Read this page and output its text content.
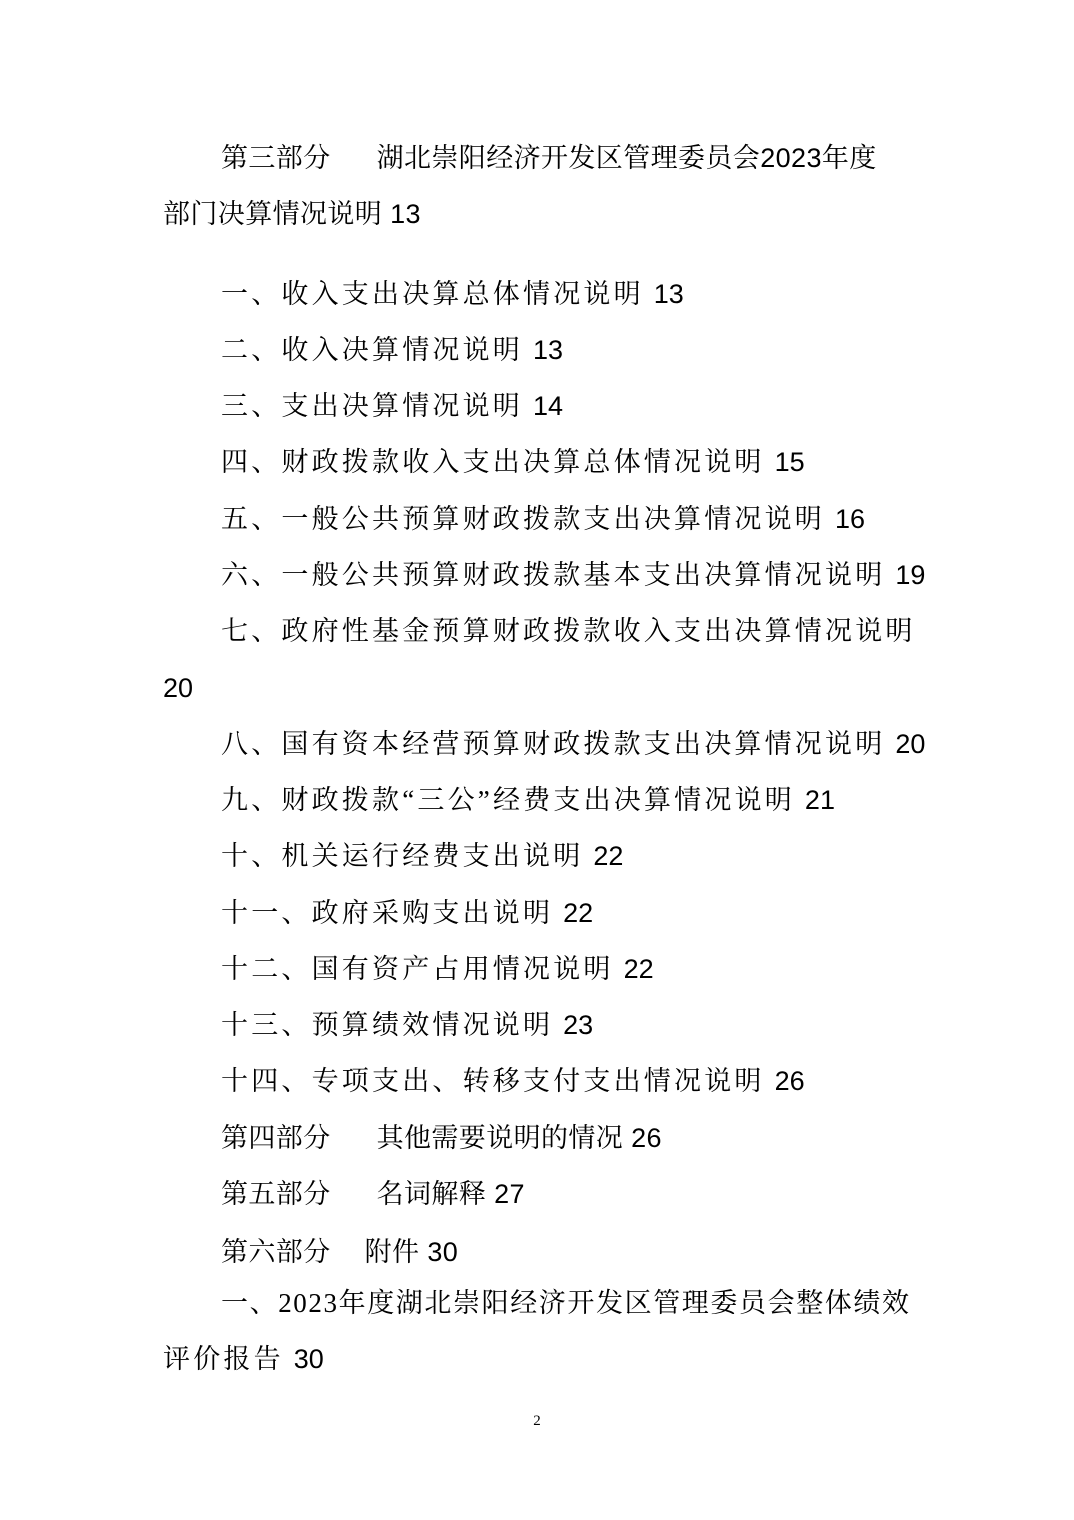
第三部分 湖北崇阳经济开发区管理委员会2023年度
部门决算情况说明 13
一、收入支出决算总体情况说明 13
二、收入决算情况说明 13
三、支出决算情况说明 14
四、财政拨款收入支出决算总体情况说明 15
五、一般公共预算财政拨款支出决算情况说明 16
六、一般公共预算财政拨款基本支出决算情况说明 19
七、政府性基金预算财政拨款收入支出决算情况说明
20
八、国有资本经营预算财政拨款支出决算情况说明 20
九、财政拨款“三公”经费支出决算情况说明 21
十、机关运行经费支出说明 22
十一、政府采购支出说明 22
十二、国有资产占用情况说明 22
十三、预算绩效情况说明 23
十四、专项支出、转移支付支出情况说明 26
第四部分 其他需要说明的情况 26
第五部分 名词解释 27
第六部分 附件 30
一、2023年度湖北崇阳经济开发区管理委员会整体绩效
评价报告 30
2
